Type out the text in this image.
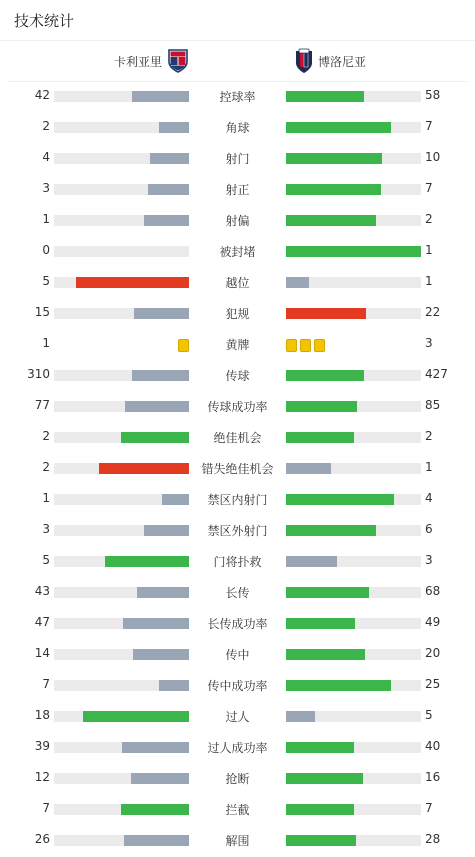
技术统计
卡利亚里	博洛尼亚
42	控球率	58
2	角球	7
4	射门	10
3	射正	7
1	射偏	2
0	被封堵	1
5	越位	1
15	犯规	22
1	黄牌	3
310	传球	427
77	传球成功率	85
2	绝佳机会	2
2	错失绝佳机会	1
1	禁区内射门	4
3	禁区外射门	6
5	门将扑救	3
43	长传	68
47	长传成功率	49
14	传中	20
7	传中成功率	25
18	过人	5
39	过人成功率	40
12	抢断	16
7	拦截	7
26	解围	28
